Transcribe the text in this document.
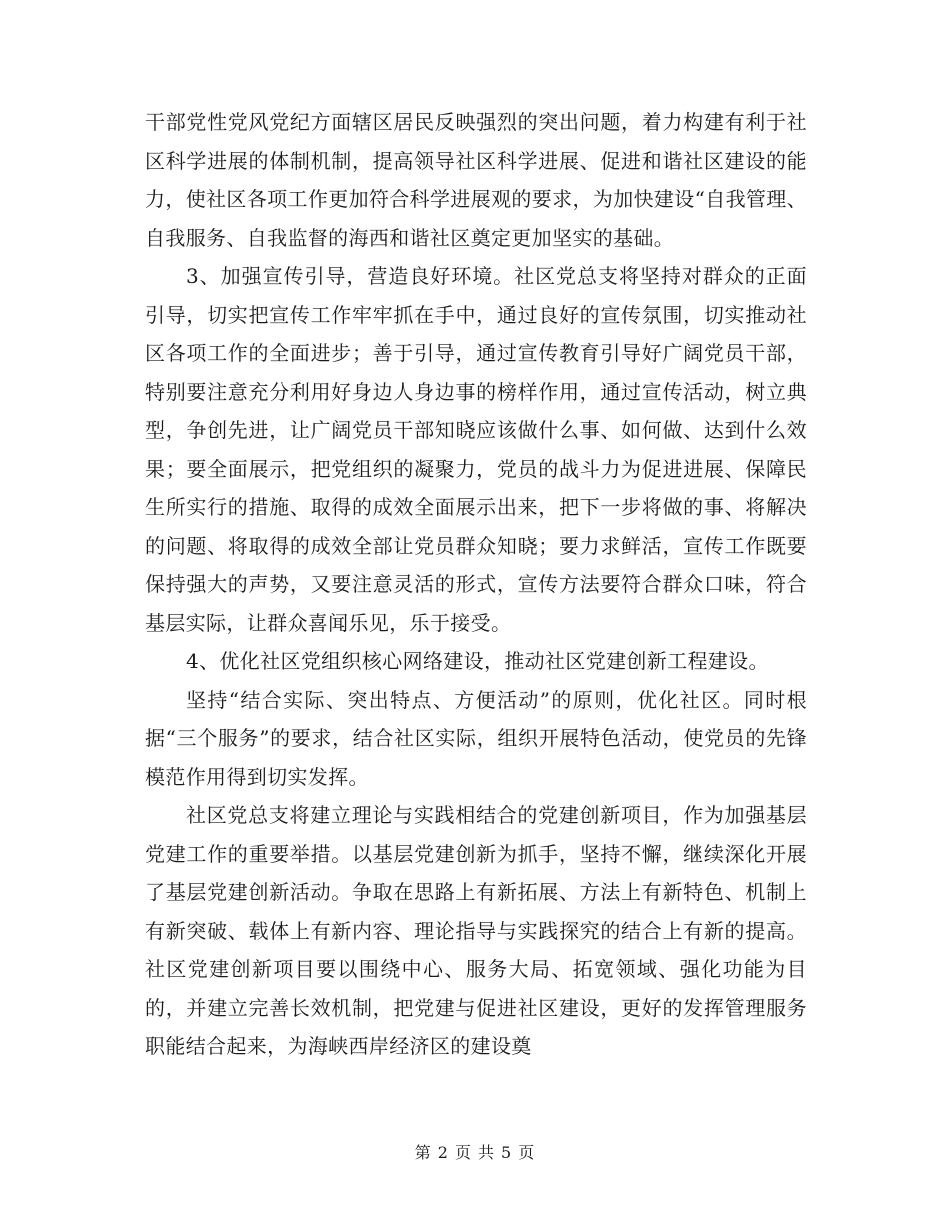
干部党性党风党纪方面辖区居民反映强烈的突出问题，着力构建有利于社区科学进展的体制机制，提高领导社区科学进展、促进和谐社区建设的能力，使社区各项工作更加符合科学进展观的要求，为加快建设“自我管理、自我服务、自我监督的海西和谐社区奠定更加坚实的基础。

3、加强宣传引导，营造良好环境。社区党总支将坚持对群众的正面引导，切实把宣传工作牢牢抓在手中，通过良好的宣传氛围，切实推动社区各项工作的全面进步；善于引导，通过宣传教育引导好广阔党员干部，特别要注意充分利用好身边人身边事的榜样作用，通过宣传活动，树立典型，争创先进，让广阔党员干部知晓应该做什么事、如何做、达到什么效果；要全面展示，把党组织的凝聚力，党员的战斗力为促进进展、保障民生所实行的措施、取得的成效全面展示出来，把下一步将做的事、将解决的问题、将取得的成效全部让党员群众知晓；要力求鲜活，宣传工作既要保持强大的声势，又要注意灵活的形式，宣传方法要符合群众口味，符合基层实际，让群众喜闻乐见，乐于接受。

4、优化社区党组织核心网络建设，推动社区党建创新工程建设。

坚持“结合实际、突出特点、方便活动”的原则，优化社区。同时根据“三个服务”的要求，结合社区实际，组织开展特色活动，使党员的先锋模范作用得到切实发挥。

社区党总支将建立理论与实践相结合的党建创新项目，作为加强基层党建工作的重要举措。以基层党建创新为抓手，坚持不懈，继续深化开展了基层党建创新活动。争取在思路上有新拓展、方法上有新特色、机制上有新突破、载体上有新内容、理论指导与实践探究的结合上有新的提高。社区党建创新项目要以围绕中心、服务大局、拓宽领域、强化功能为目的，并建立完善长效机制，把党建与促进社区建设，更好的发挥管理服务职能结合起来，为海峡西岸经济区的建设奠

第 2 页 共 5 页
